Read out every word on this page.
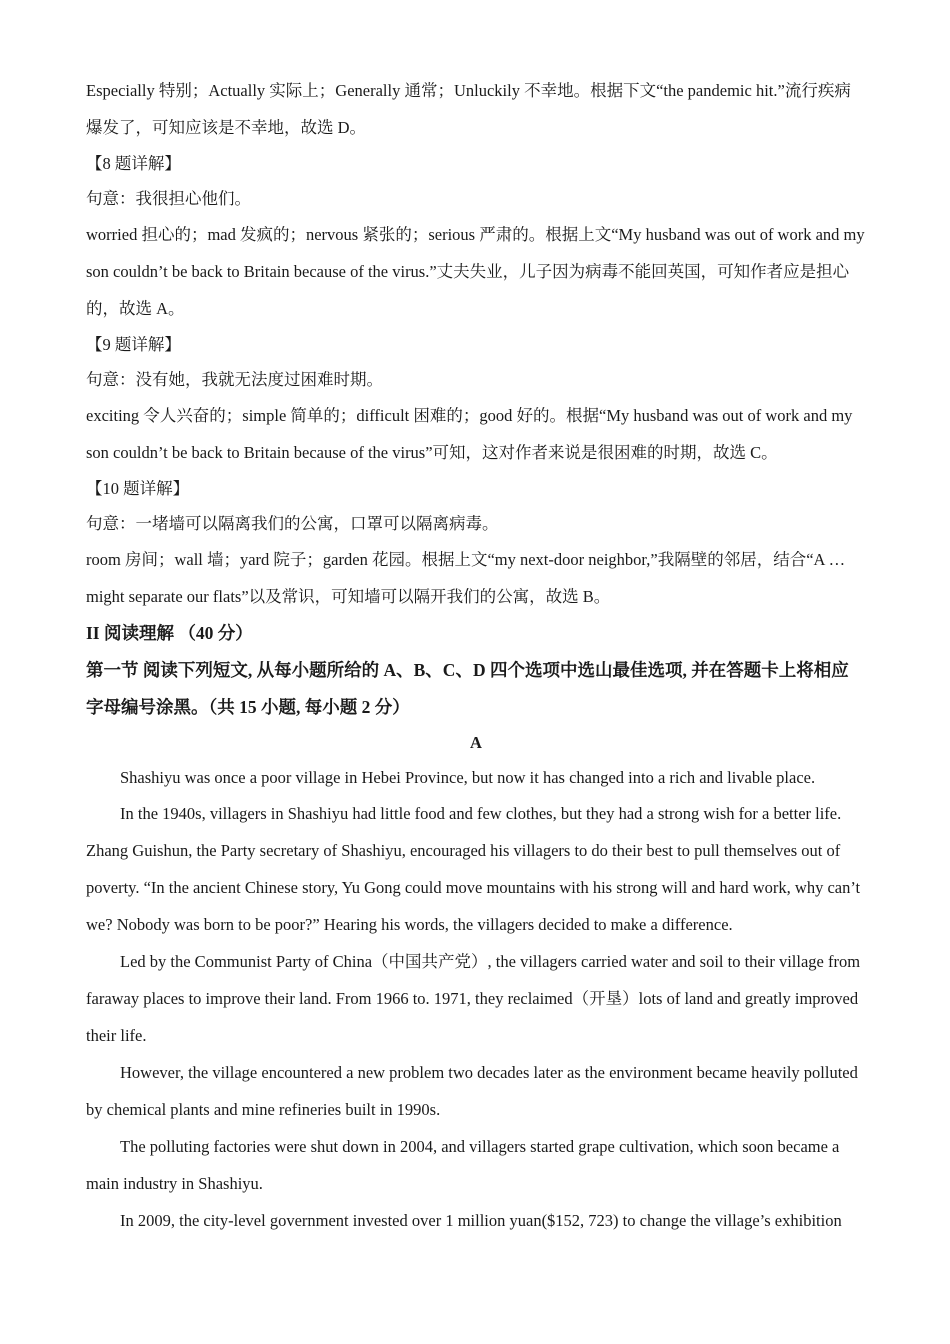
Especially 特别；Actually 实际上；Generally 通常；Unluckily 不幸地。根据下文“the pandemic hit.”流行疾病爆发了，可知应该是不幸地，故选 D。

【8 题详解】

句意：我很担心他们。

worried 担心的；mad 发疯的；nervous 紧张的；serious 严肃的。根据上文“My husband was out of work and my son couldn’t be back to Britain because of the virus.”丈夫失业，儿子因为病毒不能回英国，可知作者应是担心的，故选 A。

【9 题详解】

句意：没有她，我就无法度过困难时期。

exciting 令人兴奋的；simple 简单的；difficult 困难的；good 好的。根据“My husband was out of work and my son couldn’t be back to Britain because of the virus”可知，这对作者来说是很困难的时期，故选 C。

【10 题详解】

句意：一堵墙可以隔离我们的公寓，口罩可以隔离病毒。

room 房间；wall 墙；yard 院子；garden 花园。根据上文“my next-door neighbor,”我隔壁的邻居，结合“A … might separate our flats”以及常识，可知墙可以隔开我们的公寓，故选 B。

II 阅读理解 （40 分）

第一节 阅读下列短文, 从每小题所给的 A、B、C、D 四个选项中选山最佳选项, 并在答题卡上将相应字母编号涂黑。（共 15 小题, 每小题 2 分）

A

Shashiyu was once a poor village in Hebei Province, but now it has changed into a rich and livable place.

In the 1940s, villagers in Shashiyu had little food and few clothes, but they had a strong wish for a better life. Zhang Guishun, the Party secretary of Shashiyu, encouraged his villagers to do their best to pull themselves out of poverty. “In the ancient Chinese story, Yu Gong could move mountains with his strong will and hard work, why can’t we? Nobody was born to be poor?” Hearing his words, the villagers decided to make a difference.

Led by the Communist Party of China（中国共产党）, the villagers carried water and soil to their village from faraway places to improve their land. From 1966 to. 1971, they reclaimed（开垦）lots of land and greatly improved their life.

However, the village encountered a new problem two decades later as the environment became heavily polluted by chemical plants and mine refineries built in 1990s.

The polluting factories were shut down in 2004, and villagers started grape cultivation, which soon became a main industry in Shashiyu.

In 2009, the city-level government invested over 1 million yuan($152, 723) to change the village’s exhibition
